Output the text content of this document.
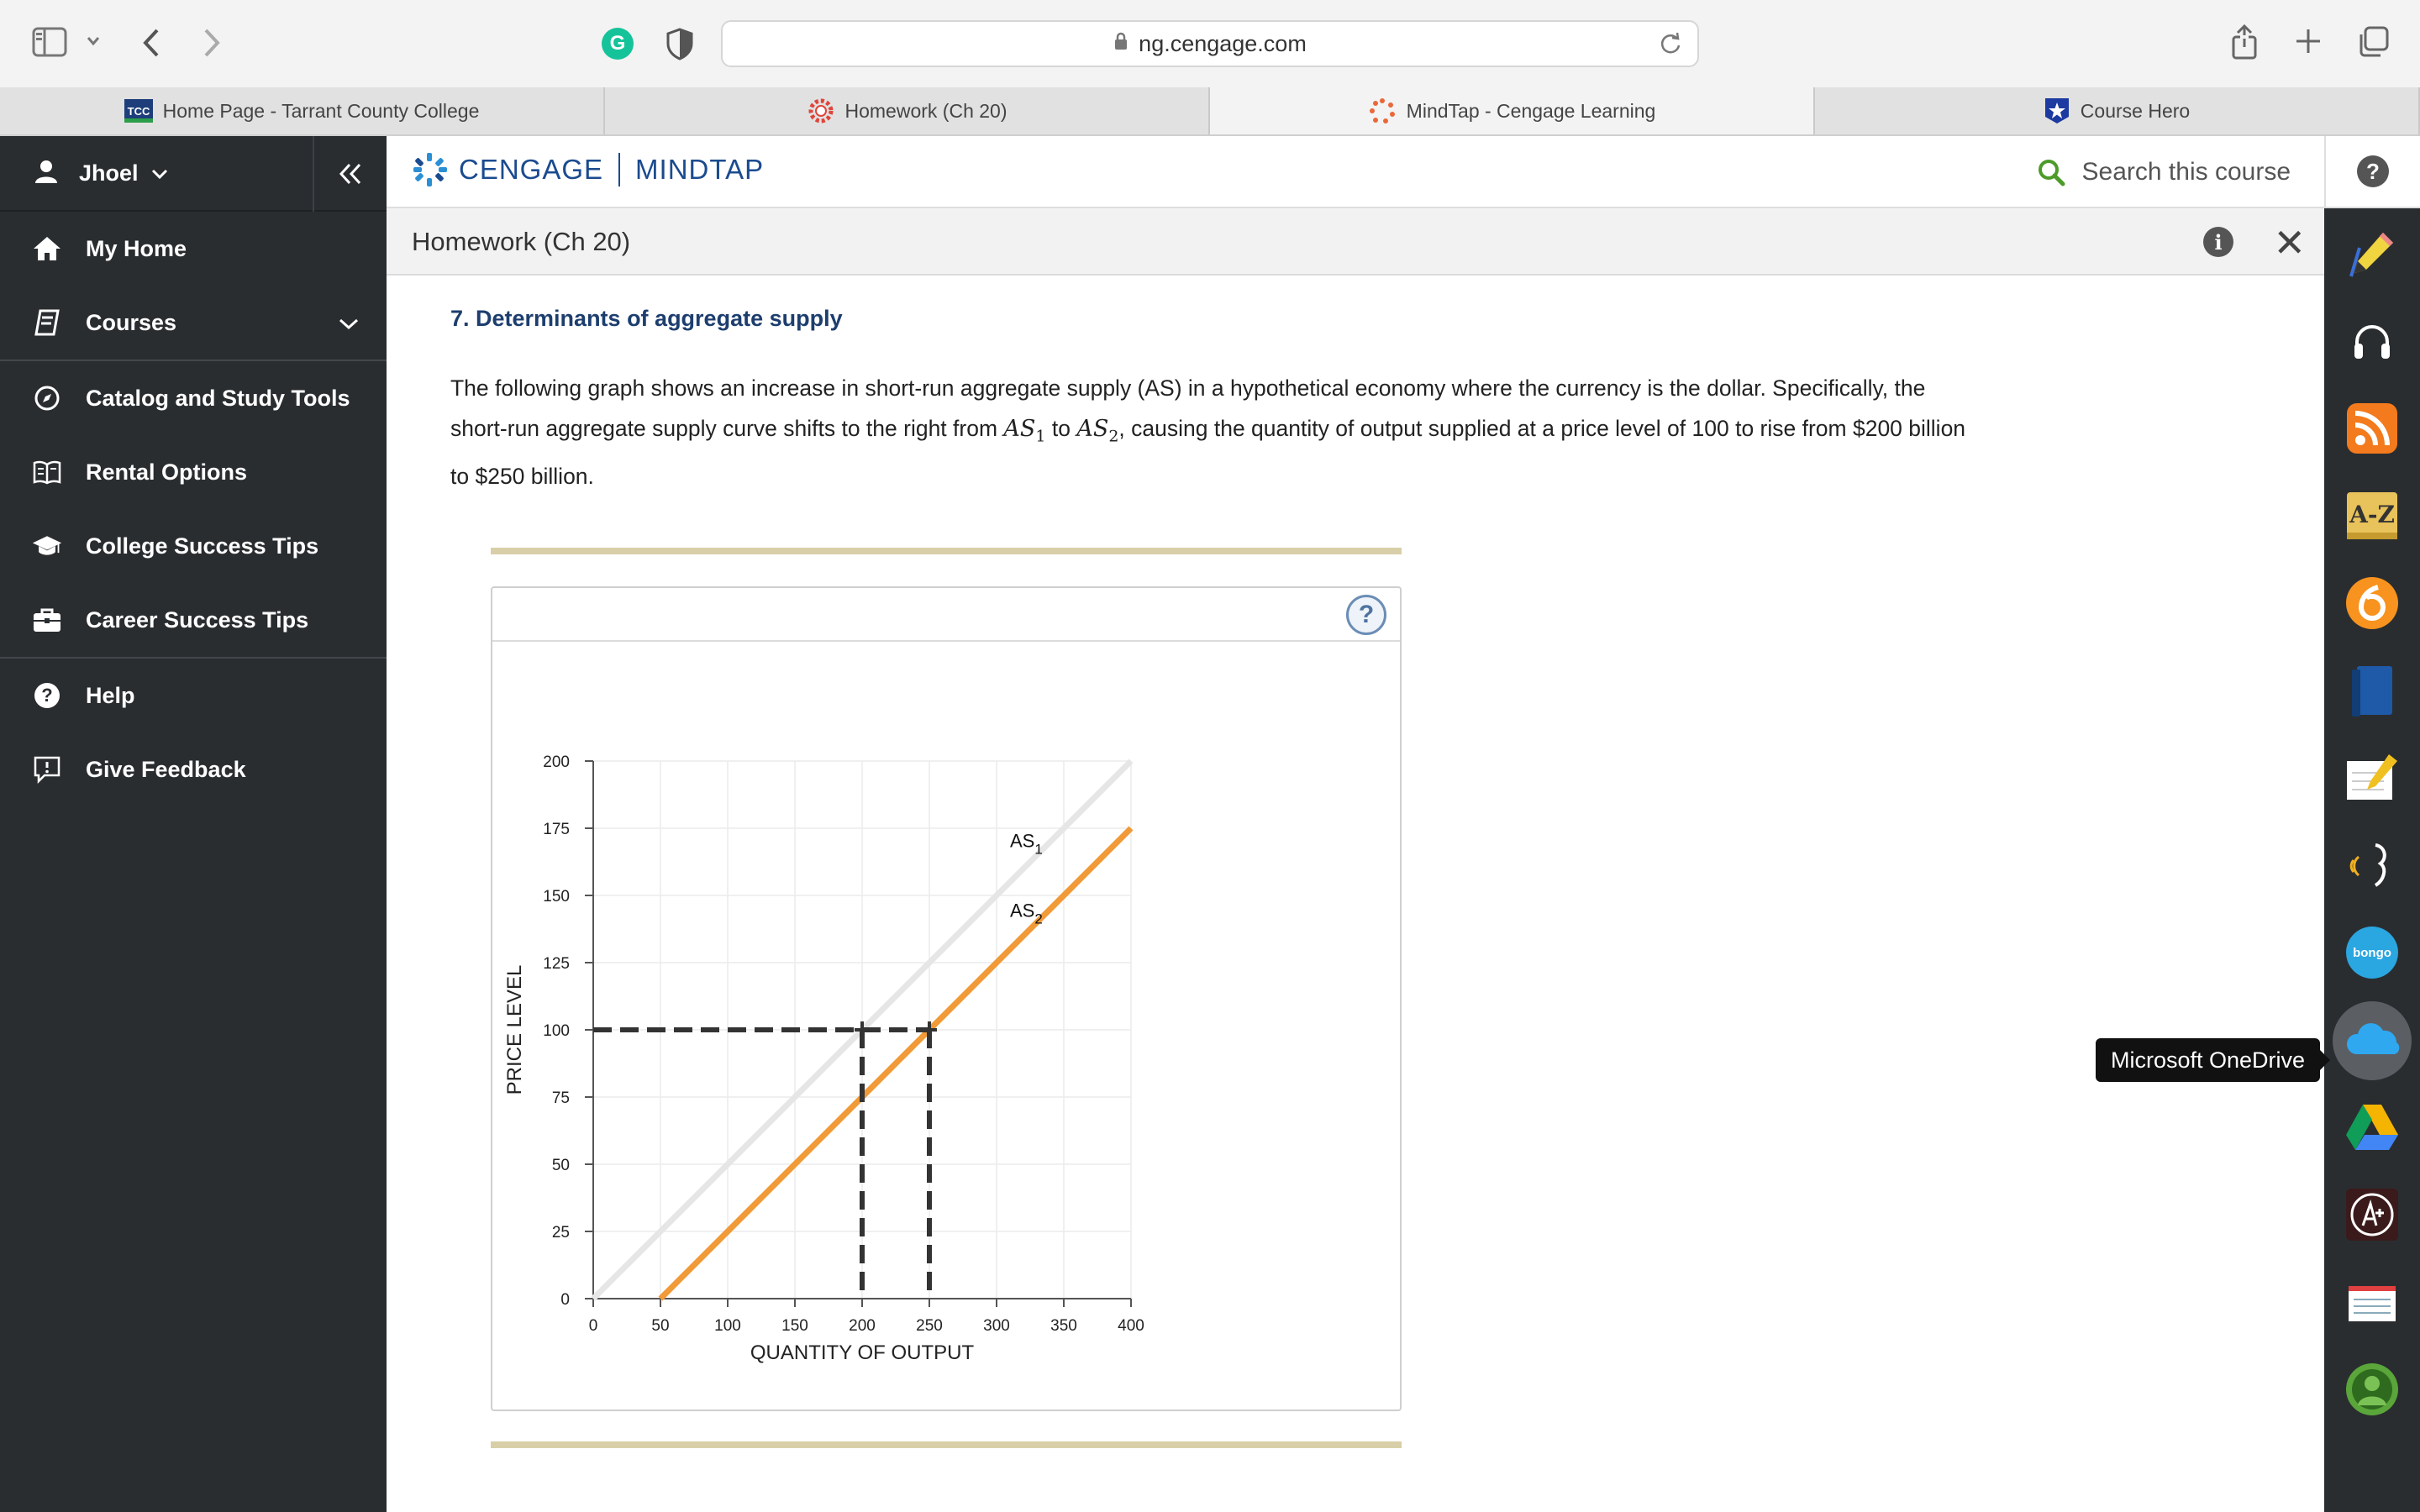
G	ng.cengage.com
TCC Home Page - Tarrant County College	Homework (Ch 20)	MindTap - Cengage Learning	Course Hero
Jhoel
My Home
Courses
Catalog and Study Tools
Rental Options
College Success Tips
Career Success Tips
? Help
Give Feedback
CENGAGE MINDTAP	Search this course	?
Homework (Ch 20)	i ✕
7. Determinants of aggregate supply
The following graph shows an increase in short-run aggregate supply (AS) in a hypothetical economy where the currency is the dollar. Specifically, the short-run aggregate supply curve shifts to the right from $AS_1$ to $AS_2$, causing the quantity of output supplied at a price level of 100 to rise from $200 billion to $250 billion.
?
0	50	100	150	200	250	300	350	400
0
25
50
75
100
125
150
175
200
QUANTITY OF OUTPUT
PRICE LEVEL
$AS_1$
$AS_2$
A-Z
bongo
Microsoft OneDrive
